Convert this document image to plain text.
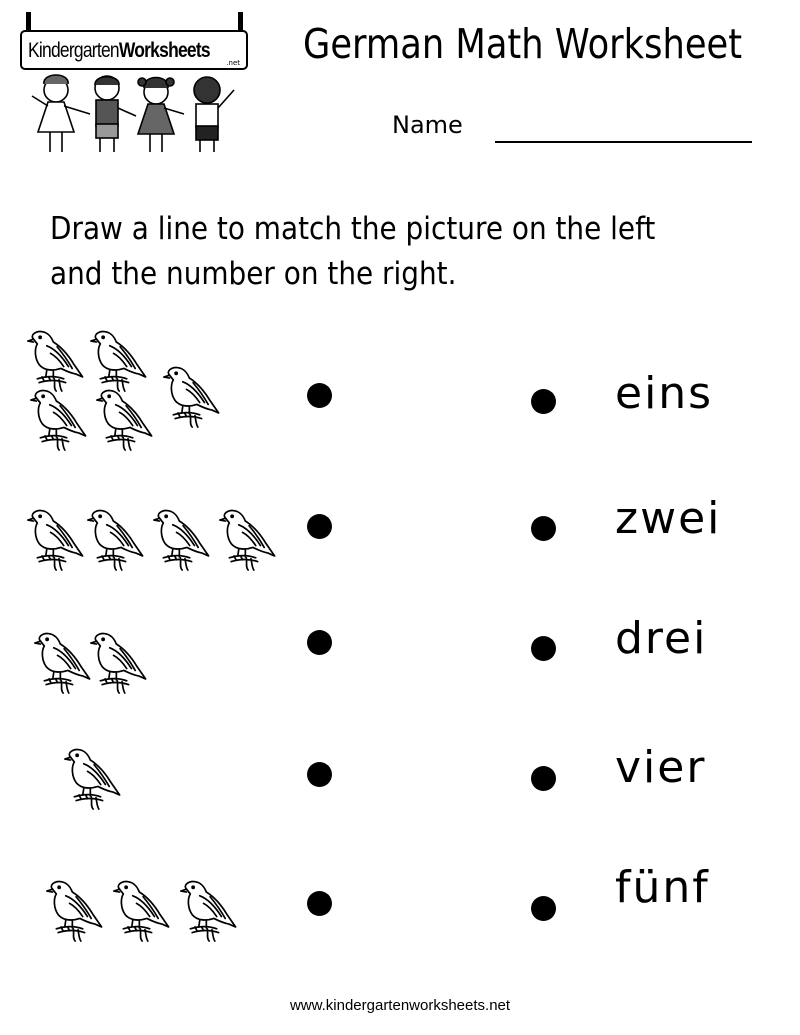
KindergartenWorksheets
.net German Math Worksheet
Name
Draw a line to match the picture on the left
and the number on the right.
eins
zwei
drei
vier
fünf
www.kindergartenworksheets.net
